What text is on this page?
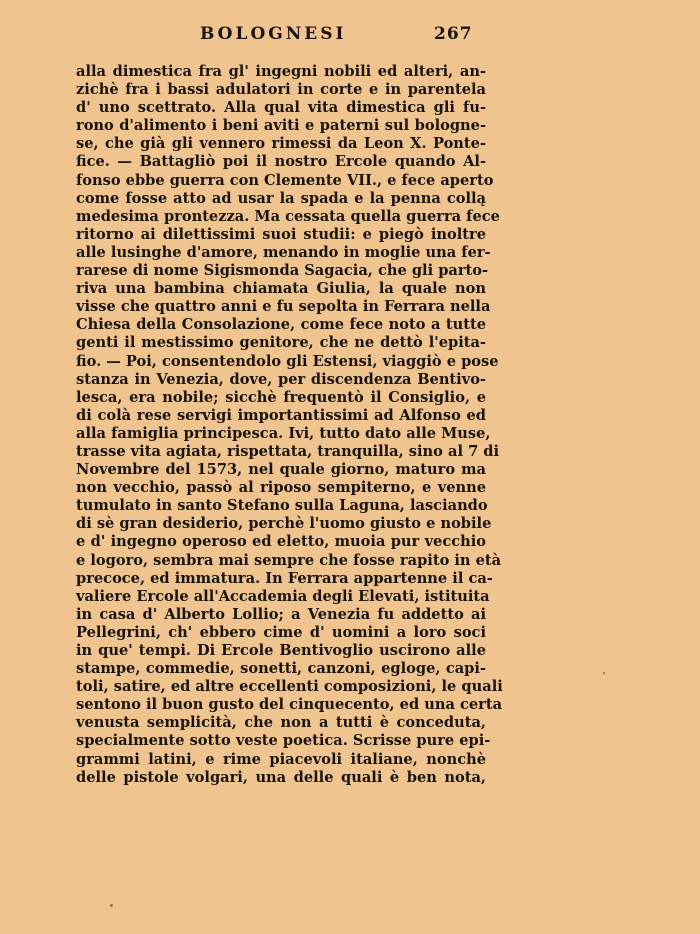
BOLOGNESI	267
alla dimestica fra gl' ingegni nobili ed alteri, an-
zichè fra i bassi adulatori in corte e in parentela
d' uno scettrato. Alla qual vita dimestica gli fu-
rono d'alimento i beni aviti e paterni sul bologne-
se, che già gli vennero rimessi da Leon X. Ponte-
fice. — Battagliò poi il nostro Ercole quando Al-
fonso ebbe guerra con Clemente VII., e fece aperto
come fosse atto ad usar la spada e la penna collą
medesima prontezza. Ma cessata quella guerra fece
ritorno ai dilettissimi suoi studii: e piegò inoltre
alle lusinghe d'amore, menando in moglie una fer-
rarese di nome Sigismonda Sagacia, che gli parto-
riva una bambina chiamata Giulia, la quale non
visse che quattro anni e fu sepolta in Ferrara nella
Chiesa della Consolazione, come fece noto a tutte
genti il mestissimo genitore, che ne dettò l'epita-
fio. — Poi, consentendolo gli Estensi, viaggiò e pose
stanza in Venezia, dove, per discendenza Bentivo-
lesca, era nobile; sicchè frequentò il Consiglio, e
di colà rese servigi importantissimi ad Alfonso ed
alla famiglia principesca. Ivi, tutto dato alle Muse,
trasse vita agiata, rispettata, tranquilla, sino al 7 di
Novembre del 1573, nel quale giorno, maturo ma
non vecchio, passò al riposo sempiterno, e venne
tumulato in santo Stefano sulla Laguna, lasciando
di sè gran desiderio, perchè l'uomo giusto e nobile
e d' ingegno operoso ed eletto, muoia pur vecchio
e logoro, sembra mai sempre che fosse rapito in età
precoce, ed immatura. In Ferrara appartenne il ca-
valiere Ercole all'Accademia degli Elevati, istituita
in casa d' Alberto Lollio; a Venezia fu addetto ai
Pellegrini, ch' ebbero cime d' uomini a loro soci
in que' tempi. Di Ercole Bentivoglio uscirono alle
stampe, commedie, sonetti, canzoni, egloge, capi-
toli, satire, ed altre eccellenti composizioni, le quali
sentono il buon gusto del cinquecento, ed una certa
venusta semplicità, che non a tutti è conceduta,
specialmente sotto veste poetica. Scrisse pure epi-
grammi latini, e rime piacevoli italiane, nonchè
delle pistole volgari, una delle quali è ben nota,
